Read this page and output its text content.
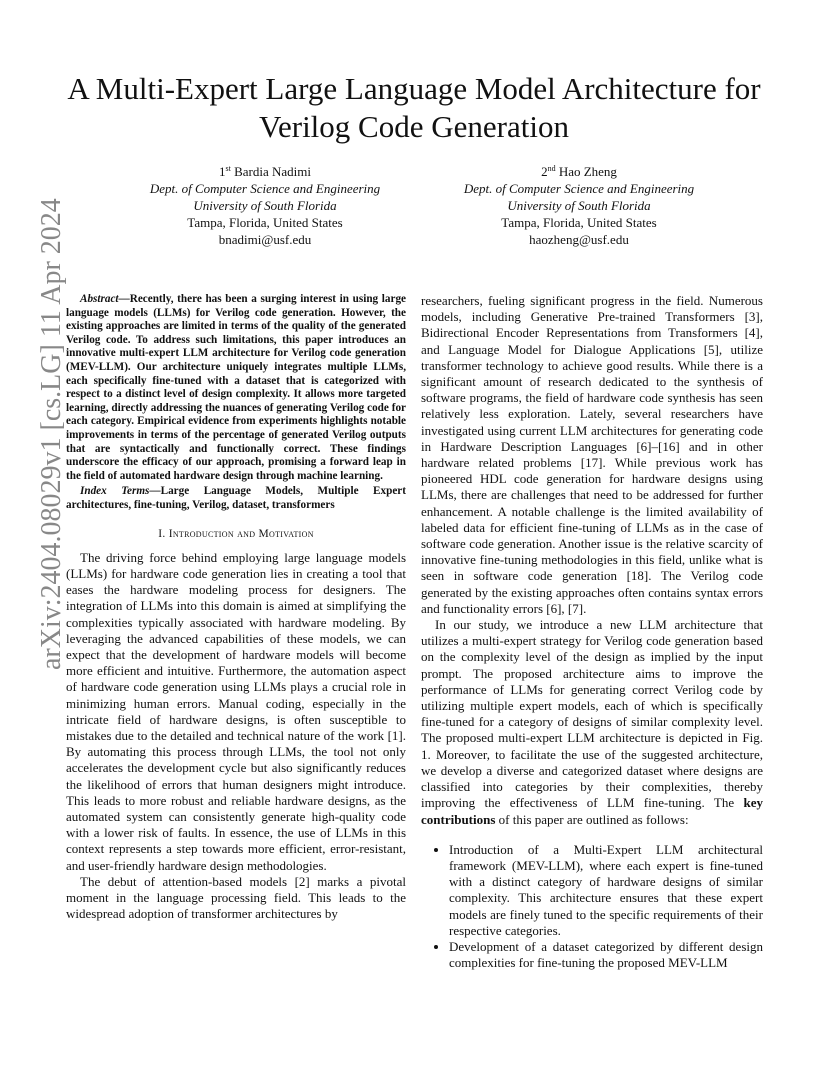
A Multi-Expert Large Language Model Architecture for Verilog Code Generation
1st Bardia Nadimi
Dept. of Computer Science and Engineering
University of South Florida
Tampa, Florida, United States
bnadimi@usf.edu
2nd Hao Zheng
Dept. of Computer Science and Engineering
University of South Florida
Tampa, Florida, United States
haozheng@usf.edu
arXiv:2404.08029v1 [cs.LG] 11 Apr 2024	Abstract—Recently, there has been a surging interest in using large language models (LLMs) for Verilog code generation. However, the existing approaches are limited in terms of the quality of the generated Verilog code. To address such limitations, this paper introduces an innovative multi-expert LLM architecture for Verilog code generation (MEV-LLM). Our architecture uniquely integrates multiple LLMs, each specifically fine-tuned with a dataset that is categorized with respect to a distinct level of design complexity. It allows more targeted learning, directly addressing the nuances of generating Verilog code for each category. Empirical evidence from experiments highlights notable improvements in terms of the percentage of generated Verilog outputs that are syntactically and functionally correct. These findings underscore the efficacy of our approach, promising a forward leap in the field of automated hardware design through machine learning.

Index Terms—Large Language Models, Multiple Expert architectures, fine-tuning, Verilog, dataset, transformers

I. Introduction and Motivation

The driving force behind employing large language models (LLMs) for hardware code generation lies in creating a tool that eases the hardware modeling process for designers. The integration of LLMs into this domain is aimed at simplifying the complexities typically associated with hardware modeling. By leveraging the advanced capabilities of these models, we can expect that the development of hardware models will become more efficient and intuitive. Furthermore, the automation aspect of hardware code generation using LLMs plays a crucial role in minimizing human errors. Manual coding, especially in the intricate field of hardware designs, is often susceptible to mistakes due to the detailed and technical nature of the work [1]. By automating this process through LLMs, the tool not only accelerates the development cycle but also significantly reduces the likelihood of errors that human designers might introduce. This leads to more robust and reliable hardware designs, as the automated system can consistently generate high-quality code with a lower risk of faults. In essence, the use of LLMs in this context represents a step towards more efficient, error-resistant, and user-friendly hardware design methodologies.

The debut of attention-based models [2] marks a pivotal moment in the language processing field. This leads to the widespread adoption of transformer architectures by

researchers, fueling significant progress in the field. Numerous models, including Generative Pre-trained Transformers [3], Bidirectional Encoder Representations from Transformers [4], and Language Model for Dialogue Applications [5], utilize transformer technology to achieve good results. While there is a significant amount of research dedicated to the synthesis of software programs, the field of hardware code synthesis has seen relatively less exploration. Lately, several researchers have investigated using current LLM architectures for generating code in Hardware Description Languages [6]–[16] and in other hardware related problems [17]. While previous work has pioneered HDL code generation for hardware designs using LLMs, there are challenges that need to be addressed for further enhancement. A notable challenge is the limited availability of labeled data for efficient fine-tuning of LLMs as in the case of software code generation. Another issue is the relative scarcity of innovative fine-tuning methodologies in this field, unlike what is seen in software code generation [18]. The Verilog code generated by the existing approaches often contains syntax errors and functionality errors [6], [7].

In our study, we introduce a new LLM architecture that utilizes a multi-expert strategy for Verilog code generation based on the complexity level of the design as implied by the input prompt. The proposed architecture aims to improve the performance of LLMs for generating correct Verilog code by utilizing multiple expert models, each of which is specifically fine-tuned for a category of designs of similar complexity level. The proposed multi-expert LLM architecture is depicted in Fig. 1. Moreover, to facilitate the use of the suggested architecture, we develop a diverse and categorized dataset where designs are classified into categories by their complexities, thereby improving the effectiveness of LLM fine-tuning. The key contributions of this paper are outlined as follows:

• Introduction of a Multi-Expert LLM architectural framework (MEV-LLM), where each expert is fine-tuned with a distinct category of hardware designs of similar complexity. This architecture ensures that these expert models are finely tuned to the specific requirements of their respective categories.
• Development of a dataset categorized by different design complexities for fine-tuning the proposed MEV-LLM
